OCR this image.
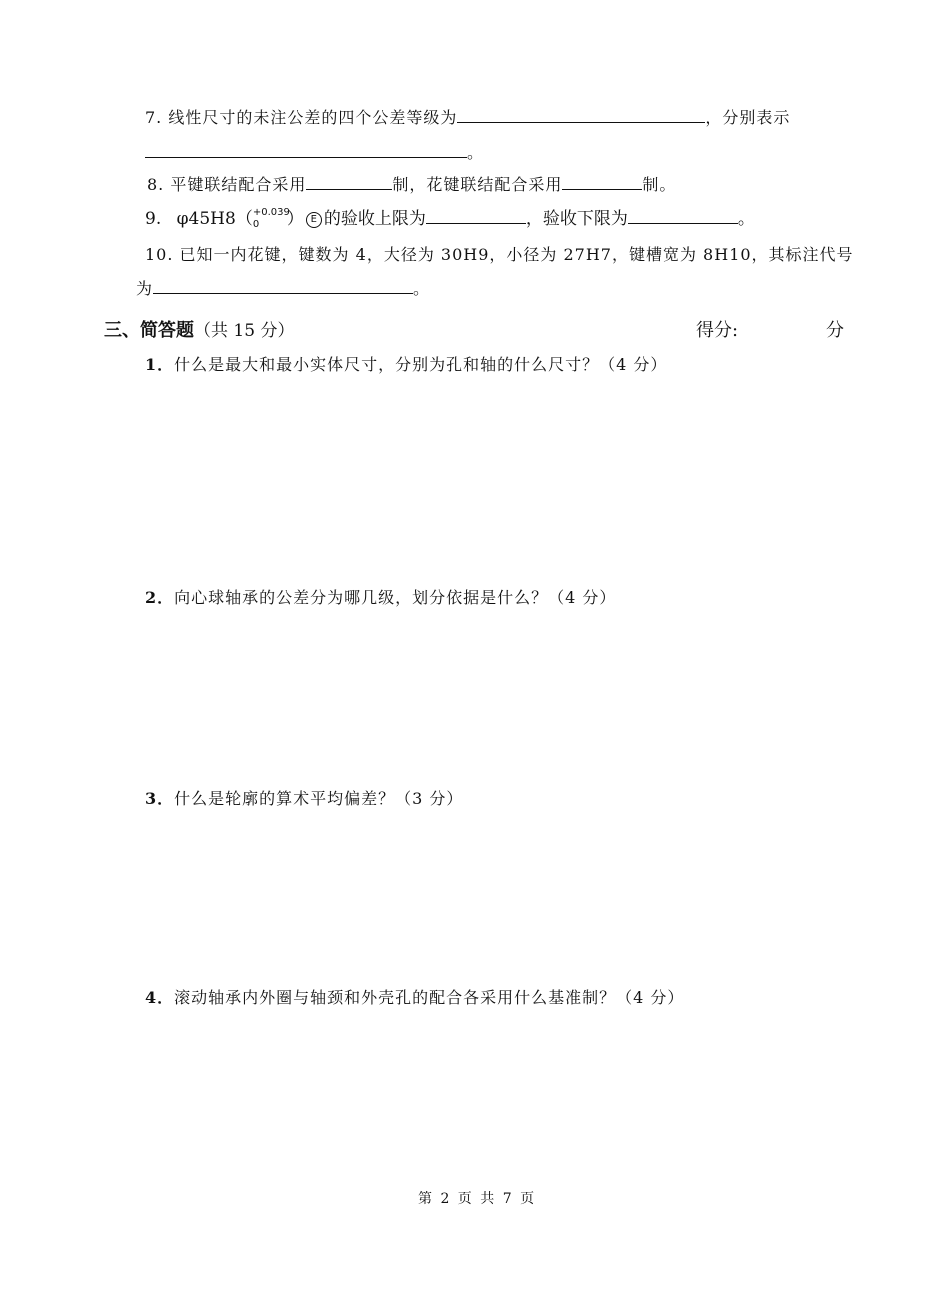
7. 线性尺寸的未注公差的四个公差等级为	，分别表示
。
8. 平键联结配合采用	制，花键联结配合采用	制。
9. φ45H8（ +0.039
0 ） E 的验收上限为	，验收下限为	。
10. 已知一内花键，键数为 4，大径为 30H9，小径为 27H7，键槽宽为 8H10，其标注代号
为	。
三、简答题（共 15 分）	得分:	分
1．什么是最大和最小实体尺寸，分别为孔和轴的什么尺寸？（4 分）
2．向心球轴承的公差分为哪几级，划分依据是什么？（4 分）
3．什么是轮廓的算术平均偏差？（3 分）
4．滚动轴承内外圈与轴颈和外壳孔的配合各采用什么基准制？（4 分）
第 2 页 共 7 页
